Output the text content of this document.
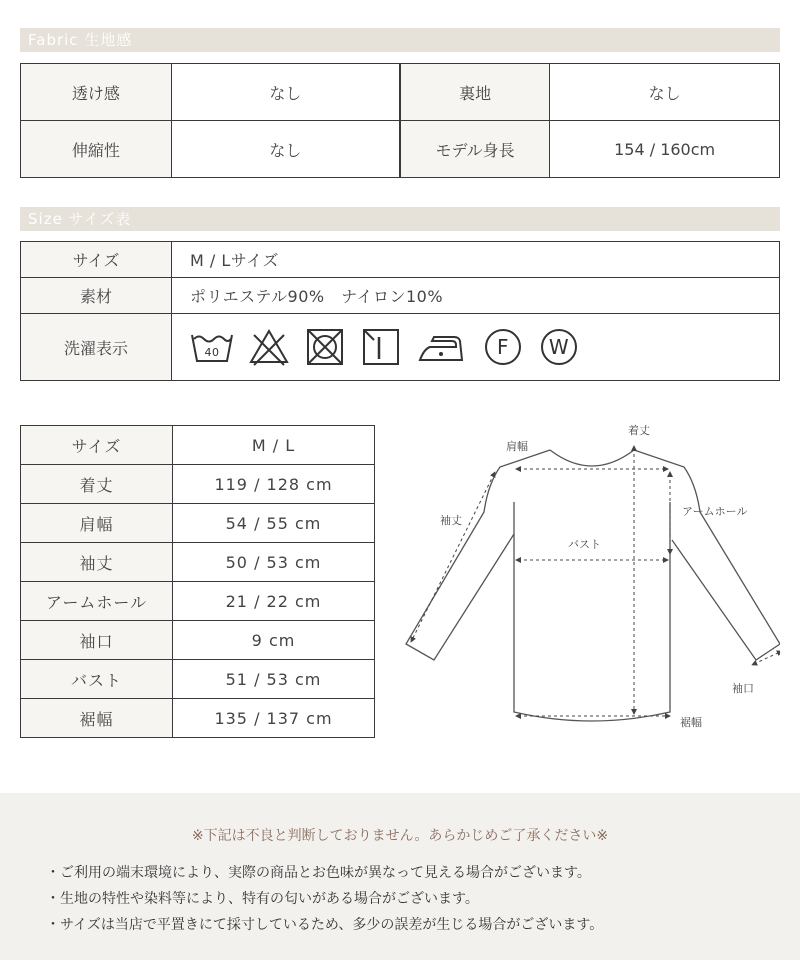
Fabric 生地感
透け感	なし	裏地	なし
伸縮性	なし	モデル身長	154 / 160cm
Size サイズ表
サイズ	M / Lサイズ
素材	ポリエステル90%　ナイロン10%
洗濯表示	40 F W
サイズ	M / L
着丈	119 / 128 cm
肩幅	54 / 55 cm
袖丈	50 / 53 cm
アームホール	21 / 22 cm
袖口	9 cm
バスト	51 / 53 cm
裾幅	135 / 137 cm
着丈
肩幅
袖丈
アームホール
バスト
袖口
裾幅
※下記は不良と判断しておりません。あらかじめご了承ください※
・ご利用の端末環境により、実際の商品とお色味が異なって見える場合がございます。
・生地の特性や染料等により、特有の匂いがある場合がございます。
・サイズは当店で平置きにて採寸しているため、多少の誤差が生じる場合がございます。
